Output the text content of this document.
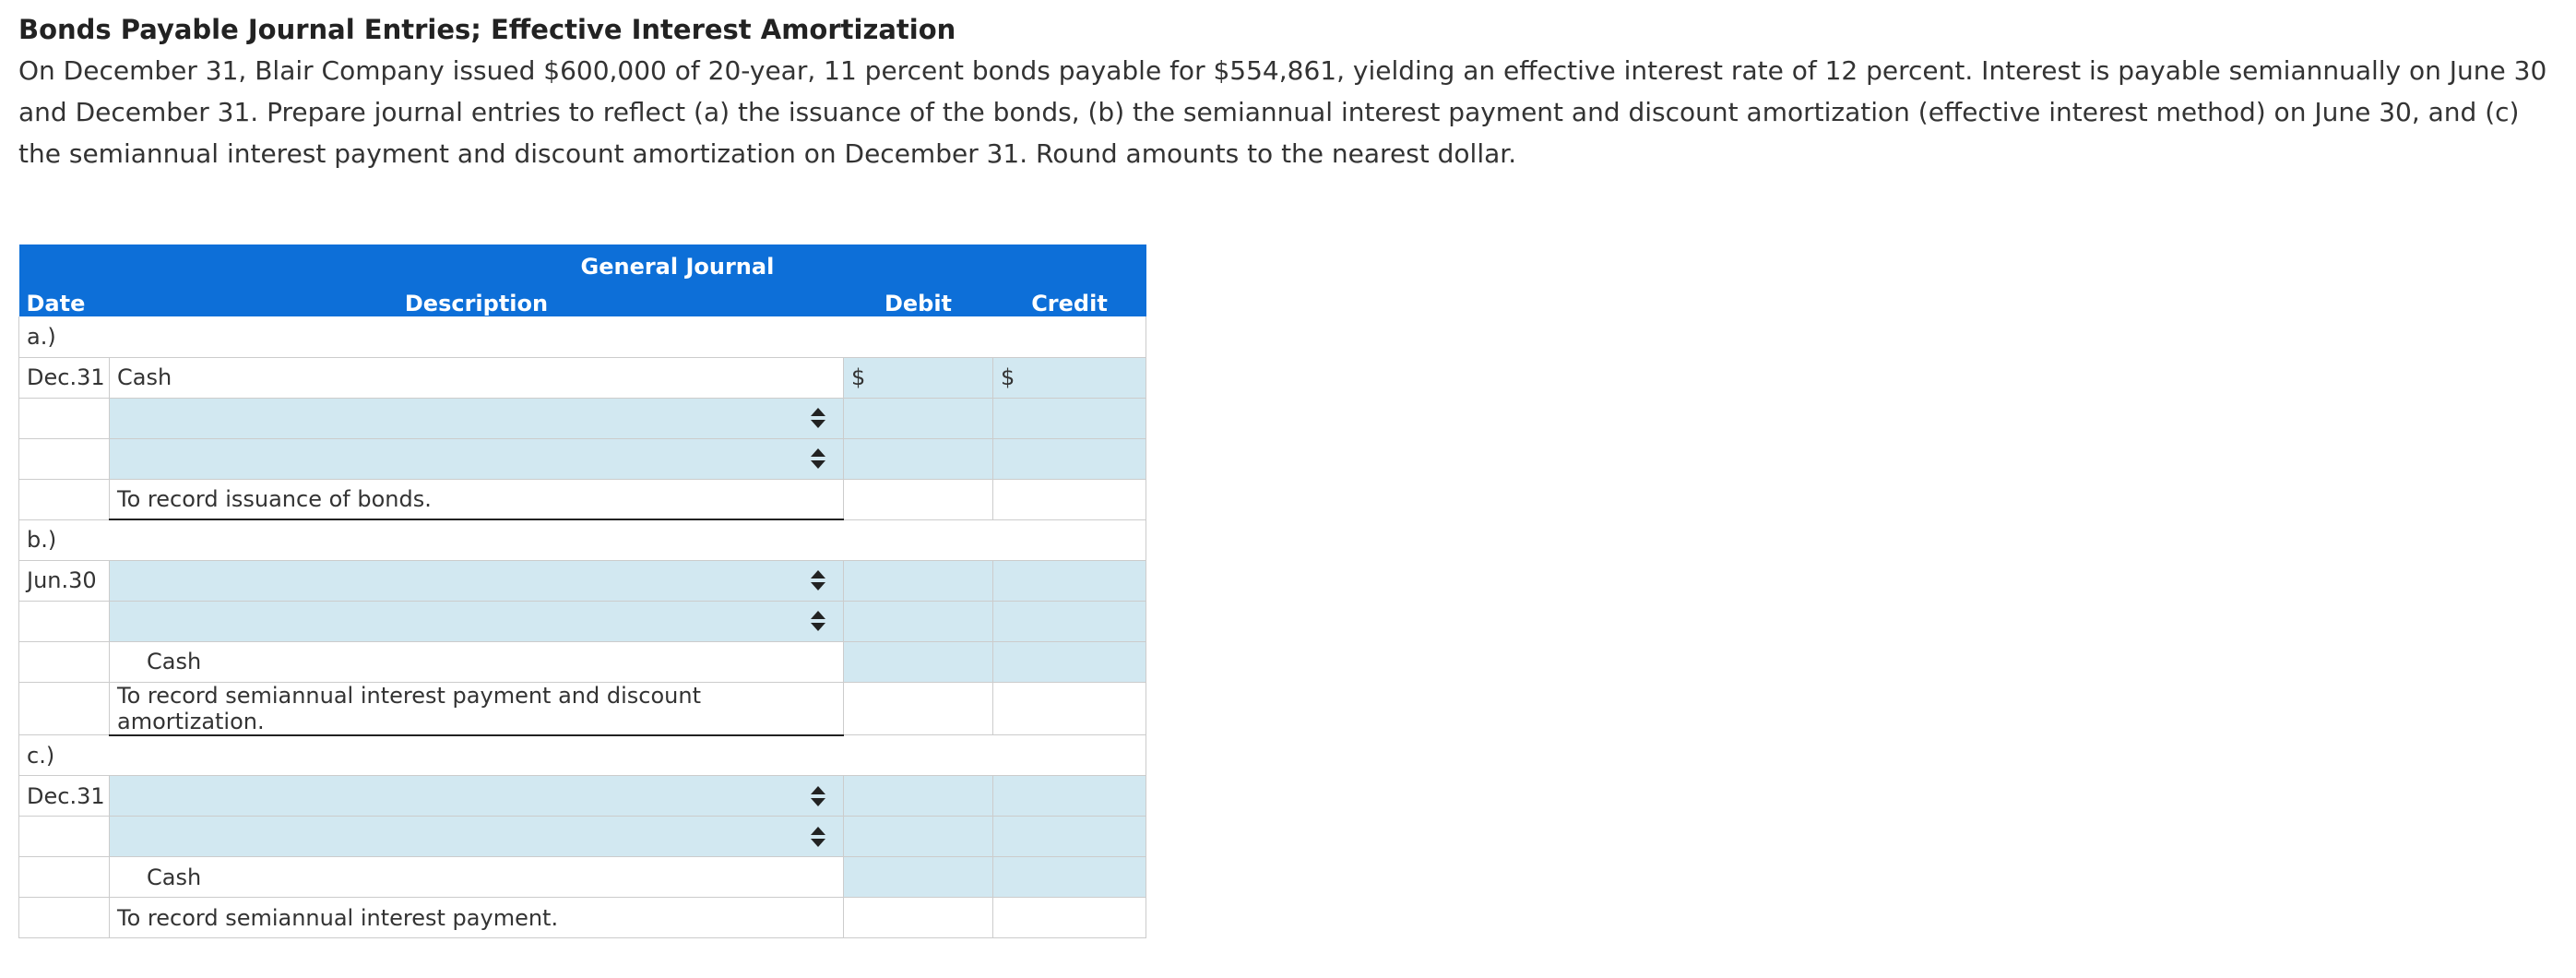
Bonds Payable Journal Entries; Effective Interest Amortization
On December 31, Blair Company issued $600,000 of 20-year, 11 percent bonds payable for $554,861, yielding an effective interest rate of 12 percent. Interest is payable semiannually on June 30 and December 31. Prepare journal entries to reflect (a) the issuance of the bonds, (b) the semiannual interest payment and discount amortization (effective interest method) on June 30, and (c) the semiannual interest payment and discount amortization on December 31. Round amounts to the nearest dollar.
	General Journal		
Date	Description	Debit	Credit
a.)			
Dec.31	Cash	$	$

	To record issuance of bonds.		
b.)			
Jun.30	

	Cash		
	To record semiannual interest payment and discount amortization.		
c.)			
Dec.31	

	Cash		
	To record semiannual interest payment.		
